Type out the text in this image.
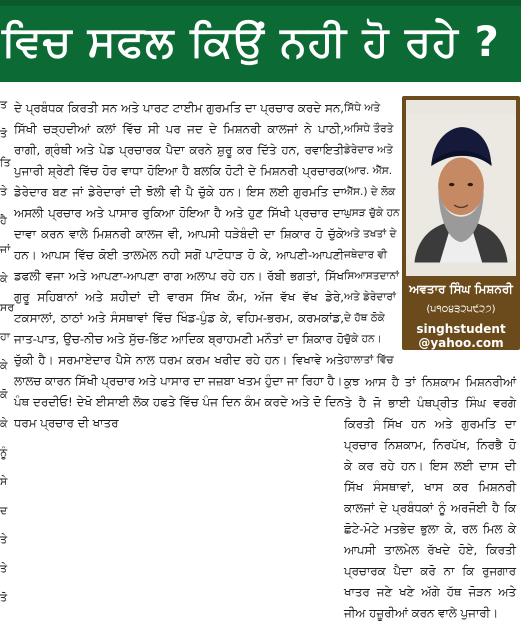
ਵਿਚ ਸਫਲ ਕਿਉਂ ਨਹੀ ਹੋ ਰਹੇ ?
ਤ
ਤੋ
ਤਿ
ਤੇ
ਹੈ
ਜਾਂ
ਕੇ
ਸਰ
ਹਾ
ਕੇ
ਕੋ
ਕੇ
ਨੂੰ
ਸੇ
ਦ
ਤੇ
ਤੇ
ਤੋ

ਦੇ ਪ੍ਰਬੰਧਕ ਕਿਰਤੀ ਸਨ ਅਤੇ ਪਾਰਟ ਟਾਈਮ ਗੁਰਮਤਿ ਦਾ ਪ੍ਰਚਾਰ ਕਰਦੇ ਸਨ, ਸਿੱਖੀ ਚੜ੍ਹਦੀਆਂ ਕਲਾਂ ਵਿੱਚ ਸੀ ਪਰ ਜਦ ਦੇ ਮਿਸ਼ਨਰੀ ਕਾਲਜਾਂ ਨੇ ਪਾਠੀ, ਰਾਗੀ, ਗ੍ਰੰਥੀ ਅਤੇ ਪੇਡ ਪ੍ਰਚਾਰਕ ਪੈਦਾ ਕਰਨੇ ਸ਼ੁਰੂ ਕਰ ਦਿੱਤੇ ਹਨ, ਰਵਾਇਤੀ ਪੁਜਾਰੀ ਸ਼੍ਰੇਣੀ ਵਿੱਚ ਹੋਰ ਵਾਧਾ ਹੋਇਆ ਹੈ ਬਲਕਿ ਹੋਟੀ ਦੇ ਮਿਸ਼ਨਰੀ ਪ੍ਰਚਾਰਕ ਡੇਰੇਦਾਰ ਬਣ ਜਾਂ ਡੇਰੇਦਾਰਾਂ ਦੀ ਝੋਲੀ ਵੀ ਪੈ ਚੁੱਕੇ ਹਨ। ਇਸ ਲਈ ਗੁਰਮਤਿ ਦਾ ਅਸਲੀ ਪ੍ਰਚਾਰ ਅਤੇ ਪਾਸਾਰ ਰੁਕਿਆ ਹੋਇਆ ਹੈ ਅਤੇ ਹੁਣ ਸਿੱਖੀ ਪ੍ਰਚਾਰ ਦਾ ਦਾਵਾ ਕਰਨ ਵਾਲੇ ਮਿਸ਼ਨਰੀ ਕਾਲਜ ਵੀ, ਆਪਸੀ ਧੜੇਬੰਦੀ ਦਾ ਸ਼ਿਕਾਰ ਹੋ ਚੁੱਕੇ ਹਨ। ਆਪਸ ਵਿੱਚ ਕੋਈ ਤਾਲਮੇਲ ਨਹੀ ਸਗੋਂ ਪਾਟੋਧਾੜ ਹੋ ਕੇ, ਆਪਣੀ-ਆਪਣੀ ਡਫਲੀ ਵਜਾ ਅਤੇ ਆਪਣਾ-ਆਪਣਾ ਰਾਗ ਅਲਾਪ ਰਹੇ ਹਨ। ਰੱਬੀ ਭਗਤਾਂ, ਸਿੱਖ ਗੁਰੂ ਸਹਿਬਾਨਾਂ ਅਤੇ ਸ਼ਹੀਦਾਂ ਦੀ ਵਾਰਸ ਸਿੱਖ ਕੌਮ, ਅੱਜ ਵੱਖ ਵੱਖ ਡੇਰੇ, ਟਕਸਾਲਾਂ, ਠਾਠਾਂ ਅਤੇ ਸੰਸਥਾਵਾਂ ਵਿੱਚ ਖਿੰਡ-ਪੁੰਡ ਕੇ, ਵਹਿਮ-ਭਰਮ, ਕਰਮਕਾਂਡ, ਜਾਤ-ਪਾਤ, ਉਚ-ਨੀਚ ਅਤੇ ਸੁੱਚ-ਭਿੱਟ ਆਦਿਕ ਬ੍ਰਾਹਮਣੀ ਮਨੌਤਾਂ ਦਾ ਸ਼ਿਕਾਰ ਹੋ ਚੁੱਕੀ ਹੈ। ਸਰਮਾਏਦਾਰ ਪੈਸੇ ਨਾਲ ਧਰਮ ਕਰਮ ਖਰੀਦ ਰਹੇ ਹਨ। ਵਿਖਾਵੇ ਅਤੇ ਲਾਲਚ ਕਾਰਨ ਸਿੱਖੀ ਪ੍ਰਚਾਰ ਅਤੇ ਪਾਸਾਰ ਦਾ ਜਜ਼ਬਾ ਖਤਮ ਹੁੰਦਾ ਜਾ ਰਿਹਾ ਹੈ।

ਪੰਥ ਦਰਦੀਓ! ਦੇਖੋ ਈਸਾਈ ਲੋਕ ਹਫਤੇ ਵਿੱਚ ਪੰਜ ਦਿਨ ਕੰਮ ਕਰਦੇ ਅਤੇ ਦੋ ਦਿਨ ਧਰਮ ਪ੍ਰਚਾਰ ਦੀ ਖਾਤਰ

ਅਵਤਾਰ ਸਿੰਘ ਮਿਸ਼ਨਰੀ
(੫੧੦੪੩੨੫੯੨੭)
singhstudent
@yahoo.com

ਕੁਝ ਆਸ ਹੈ ਤਾਂ ਨਿਸ਼ਕਾਮ ਮਿਸ਼ਨਰੀਆਂ ਤੇ ਹੈ ਜੋ ਭਾਈ ਪੰਥਪ੍ਰੀਤ ਸਿੰਘ ਵਰਗੇ ਕਿਰਤੀ ਸਿੱਖ ਹਨ ਅਤੇ ਗੁਰਮਤਿ ਦਾ ਪ੍ਰਚਾਰ ਨਿਸ਼ਕਾਮ, ਨਿਰਪੱਖ, ਨਿਰਭੈ ਹੋ ਕੇ ਕਰ ਰਹੇ ਹਨ। ਇਸ ਲਈ ਦਾਸ ਦੀ ਸਿੱਖ ਸੰਸਥਾਵਾਂ, ਖਾਸ ਕਰ ਮਿਸ਼ਨਰੀ ਕਾਲਜਾਂ ਦੇ ਪ੍ਰਬੰਧਕਾਂ ਨੂੰ ਅਰਜੋਈ ਹੈ ਕਿ ਛੋਟੇ-ਮੋਟੇ ਮਤਭੇਦ ਭੁਲਾ ਕੇ, ਰਲ ਮਿਲ ਕੇ ਆਪਸੀ ਤਾਲਮੇਲ ਰੱਖਦੇ ਹੋਏ, ਕਿਰਤੀ ਪ੍ਰਚਾਰਕ ਪੈਦਾ ਕਰੋ ਨਾ ਕਿ ਰੁਜਗਾਰ ਖਾਤਰ ਜਣੇ ਖਣੇ ਅੱਗੇ ਹੱਥ ਜੋੜਨ ਅਤੇ ਜੀਅ ਹਜ਼ੂਰੀਆਂ ਕਰਨ ਵਾਲੇ ਪੁਜਾਰੀ।

ਸਿੱਧੇ ਅਤੇ
ਅਸਿਧੇ ਤੌਰਤੇ
ਡੇਰੇਦਾਰ ਅਤੇ
(ਆਰ. ਐੱਸ.
ਐੱਸ.) ਦੇ ਲੋਕ
ਘੁਸੜ ਚੁੱਕੇ ਹਨ
ਅਤੇ ਤਖਤਾਂ ਦੇ
ਜਥੇਦਾਰ ਵੀ
ਸਿਆਸਤਦਾਨਾਂ
ਅਤੇ ਡੇਰੇਦਾਰਾਂ
ਦੇ ਹੱਥ ਠੋਕੇ
ਚੁੱਕੇ ਹਨ।
ਹਾਲਾਤਾਂ ਵਿੱਚ
